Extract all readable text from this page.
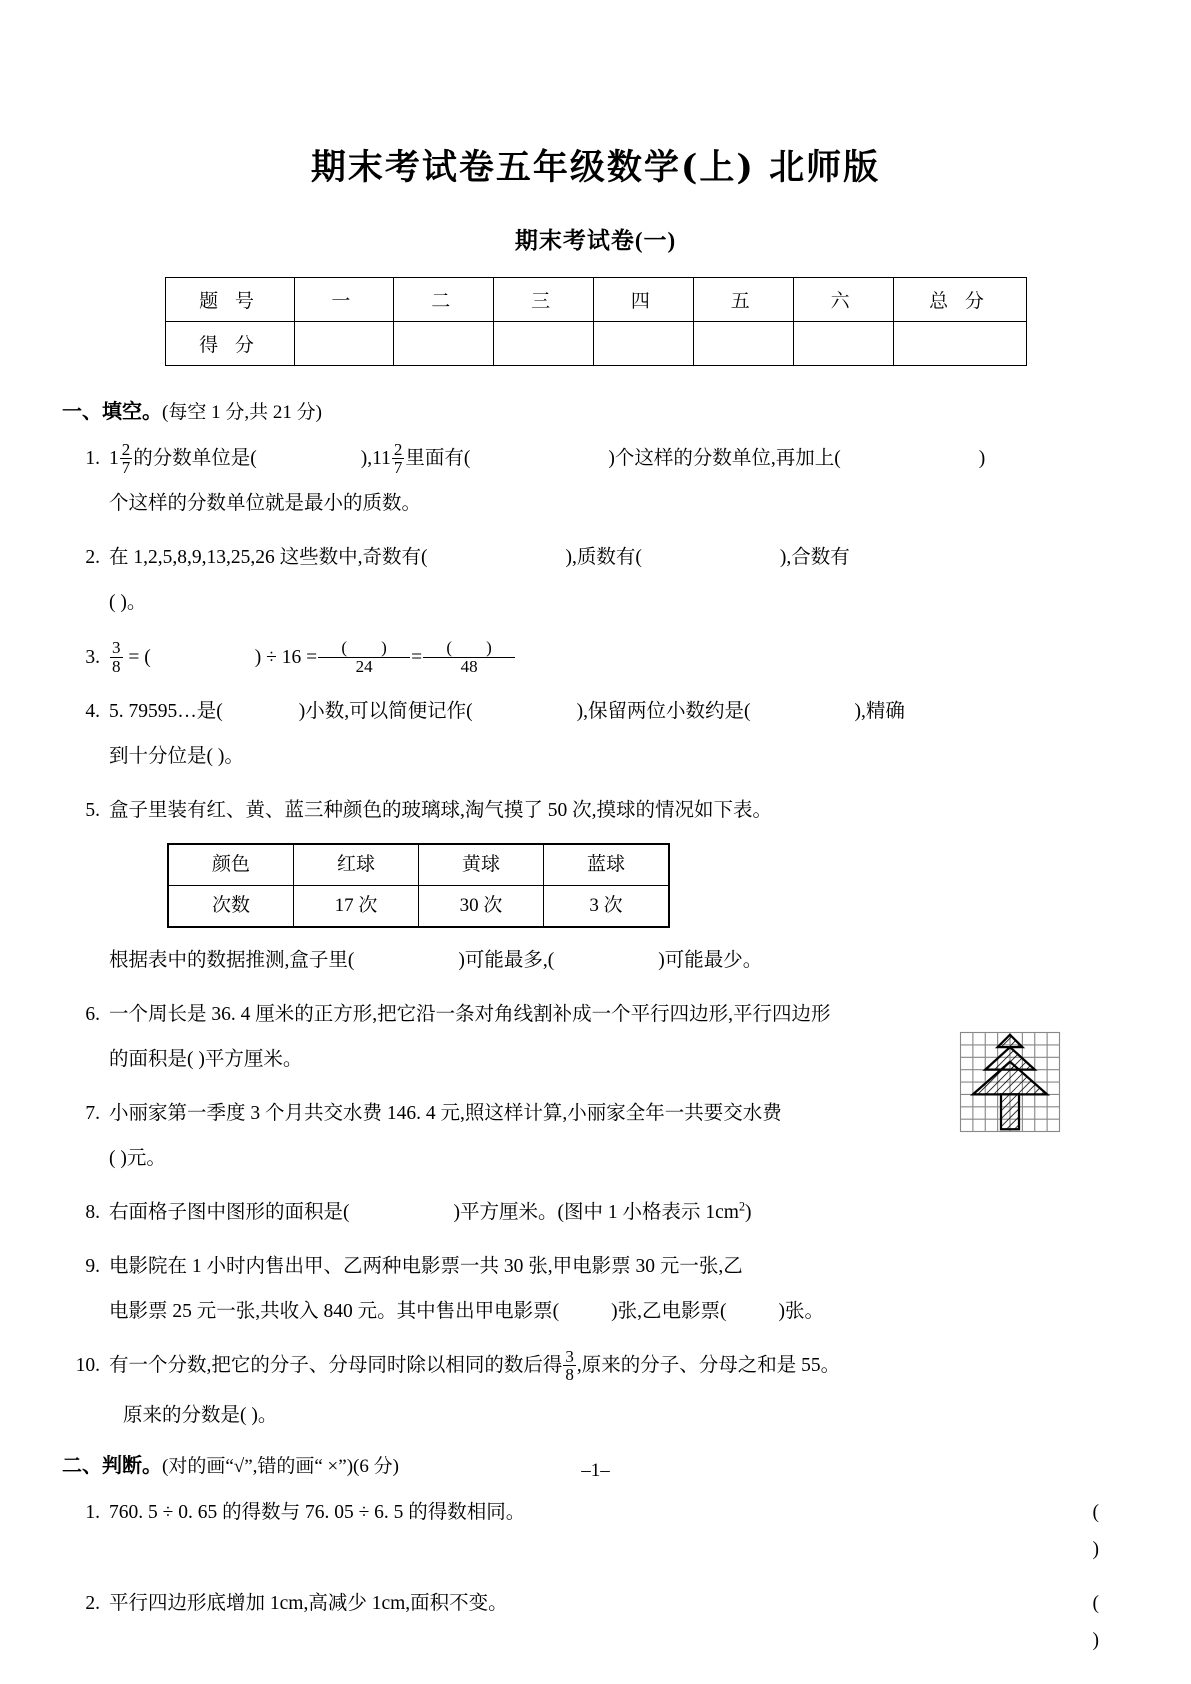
期末考试卷五年级数学(上) 北师版
期末考试卷(一)
题 号	一	二	三	四	五	六	总 分
得 分							
一、填空。(每空 1 分,共 21 分)
1. $1 \frac{2}{7}$ 的分数单位是(	)$,11 \frac{2}{7}$ 里面有(	)个这样的分数单位,再加上(	)
个这样的分数单位就是最小的质数。
2. 在 1,2,5,8,9,13,25,26 这些数中,奇数有(	),质数有(	),合数有
( )。
3. $\frac{3}{8}$ = (	) ÷ $16 = \frac{( )}{24} = \frac{( )}{48}$
4. 5. 79595…是(	)小数,可以简便记作(	),保留两位小数约是(	),精确
到十分位是( )。
5. 盒子里装有红、黄、蓝三种颜色的玻璃球,淘气摸了 50 次,摸球的情况如下表。
颜色	红球	黄球	蓝球
次数	17 次	30 次	3 次
根据表中的数据推测,盒子里(	)可能最多,(	)可能最少。
6. 一个周长是 36. 4 厘米的正方形,把它沿一条对角线割补成一个平行四边形,平行四边形
的面积是( )平方厘米。
7. 小丽家第一季度 3 个月共交水费 146. 4 元,照这样计算,小丽家全年一共要交水费
( )元。
8. 右面格子图中图形的面积是(	)平方厘米。(图中 1 小格表示 $1cm^2$)
9. 电影院在 1 小时内售出甲、乙两种电影票一共 30 张,甲电影票 30 元一张,乙
电影票 25 元一张,共收入 840 元。其中售出甲电影票(	)张,乙电影票(	)张。
10. 有一个分数,把它的分子、分母同时除以相同的数后得 $\frac{3}{8}$ ,原来的分子、分母之和是 55。
原来的分数是( )。
二、判断。(对的画“√”,错的画“ ×”)(6 分)
1. 760. 5 ÷ 0. 65 的得数与 76. 05 ÷ 6. 5 的得数相同。	( )
2. 平行四边形底增加 1cm,高减少 1cm,面积不变。	( )
–1–
